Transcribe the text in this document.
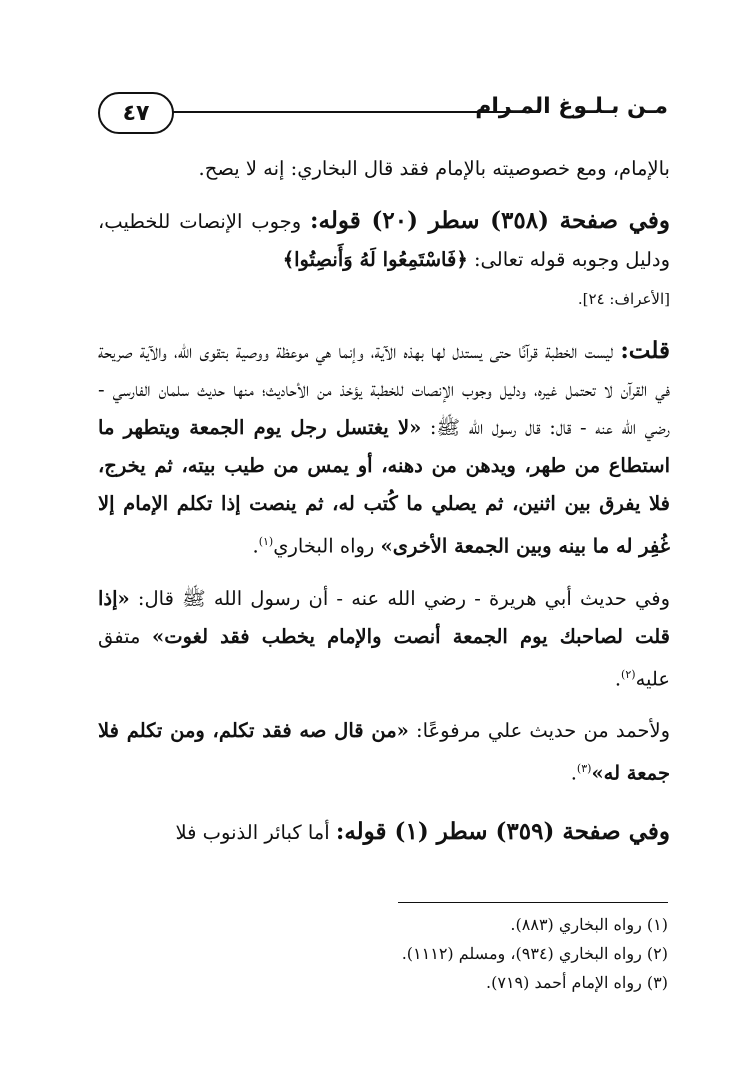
٤٧	مـن بـلـوغ المـرام

بالإمام، ومع خصوصيته بالإمام فقد قال البخاري: إنه لا يصح.

وفي صفحة (٣٥٨) سطر (٢٠) قوله: وجوب الإنصات للخطيب، ودليل وجوبه قوله تعالى: ﴿فَاسْتَمِعُوا لَهُ وَأَنصِتُوا﴾
[الأعراف: ٢٤].

قلت: ليست الخطبة قرآنًا حتى يستدل لها بهذه الآية، وإنما هي موعظة ووصية بتقوى الله، والآية صريحة في القرآن لا تحتمل غيره، ودليل وجوب الإنصات للخطبة يؤخذ من الأحاديث؛ منها حديث سلمان الفارسي - رضي الله عنه - قال: قال رسول الله ﷺ: «لا يغتسل رجل يوم الجمعة ويتطهر ما استطاع من طهر، ويدهن من دهنه، أو يمس من طيب بيته، ثم يخرج، فلا يفرق بين اثنين، ثم يصلي ما كُتب له، ثم ينصت إذا تكلم الإمام إلا غُفِر له ما بينه وبين الجمعة الأخرى» رواه البخاري$^{(١)}$.

وفي حديث أبي هريرة - رضي الله عنه - أن رسول الله ﷺ قال: «إذا قلت لصاحبك يوم الجمعة أنصت والإمام يخطب فقد لغوت» متفق عليه$^{(٢)}$.

ولأحمد من حديث علي مرفوعًا: «من قال صه فقد تكلم، ومن تكلم فلا جمعة له»$^{(٣)}$.

وفي صفحة (٣٥٩) سطر (١) قوله: أما كبائر الذنوب فلا

(١) رواه البخاري (٨٨٣).
(٢) رواه البخاري (٩٣٤)، ومسلم (١١١٢).
(٣) رواه الإمام أحمد (٧١٩).
